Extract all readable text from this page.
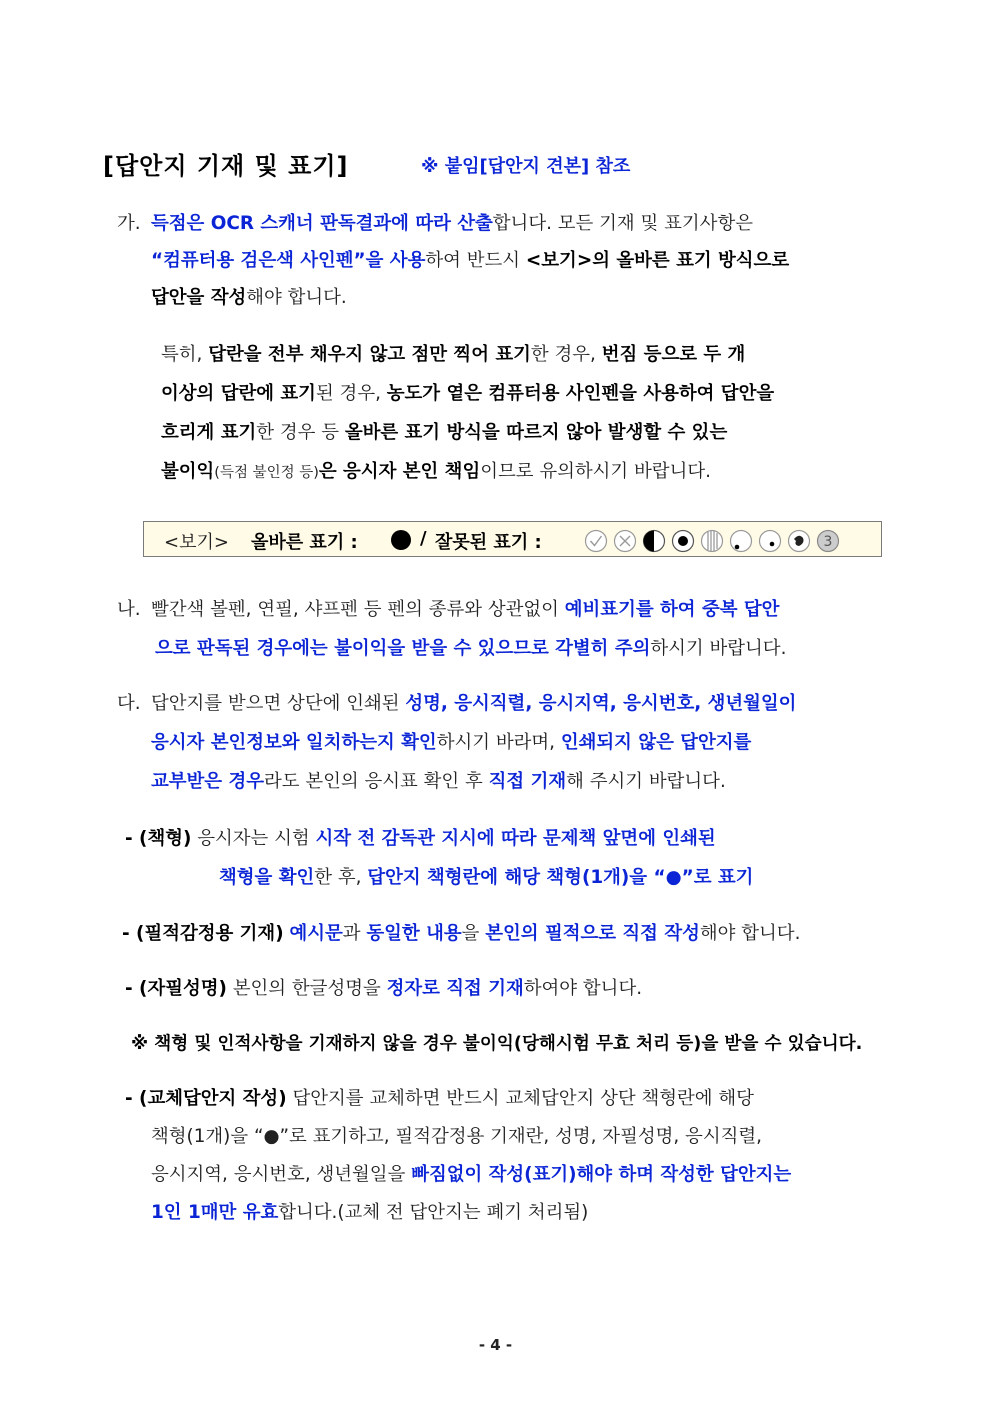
[답안지 기재 및 표기]	※ 붙임[답안지 견본] 참조
가. 득점은 OCR 스캐너 판독결과에 따라 산출합니다. 모든 기재 및 표기사항은
“컴퓨터용 검은색 사인펜”을 사용하여 반드시 <보기>의 올바른 표기 방식으로
답안을 작성해야 합니다.
특히, 답란을 전부 채우지 않고 점만 찍어 표기한 경우, 번짐 등으로 두 개
이상의 답란에 표기된 경우, 농도가 옅은 컴퓨터용 사인펜을 사용하여 답안을
흐리게 표기한 경우 등 올바른 표기 방식을 따르지 않아 발생할 수 있는
불이익(득점 불인정 등)은 응시자 본인 책임이므로 유의하시기 바랍니다.
<보기> 올바른 표기 :	/ 잘못된 표기 :	3
나. 빨간색 볼펜, 연필, 샤프펜 등 펜의 종류와 상관없이 예비표기를 하여 중복 답안
으로 판독된 경우에는 불이익을 받을 수 있으므로 각별히 주의하시기 바랍니다.
다. 답안지를 받으면 상단에 인쇄된 성명, 응시직렬, 응시지역, 응시번호, 생년월일이
응시자 본인정보와 일치하는지 확인하시기 바라며, 인쇄되지 않은 답안지를
교부받은 경우라도 본인의 응시표 확인 후 직접 기재해 주시기 바랍니다.
- (책형) 응시자는 시험 시작 전 감독관 지시에 따라 문제책 앞면에 인쇄된
책형을 확인한 후, 답안지 책형란에 해당 책형(1개)을 “●”로 표기
- (필적감정용 기재) 예시문과 동일한 내용을 본인의 필적으로 직접 작성해야 합니다.
- (자필성명) 본인의 한글성명을 정자로 직접 기재하여야 합니다.
※ 책형 및 인적사항을 기재하지 않을 경우 불이익(당해시험 무효 처리 등)을 받을 수 있습니다.
- (교체답안지 작성) 답안지를 교체하면 반드시 교체답안지 상단 책형란에 해당
책형(1개)을 “●”로 표기하고, 필적감정용 기재란, 성명, 자필성명, 응시직렬,
응시지역, 응시번호, 생년월일을 빠짐없이 작성(표기)해야 하며 작성한 답안지는
1인 1매만 유효합니다.(교체 전 답안지는 폐기 처리됨)
- 4 -
